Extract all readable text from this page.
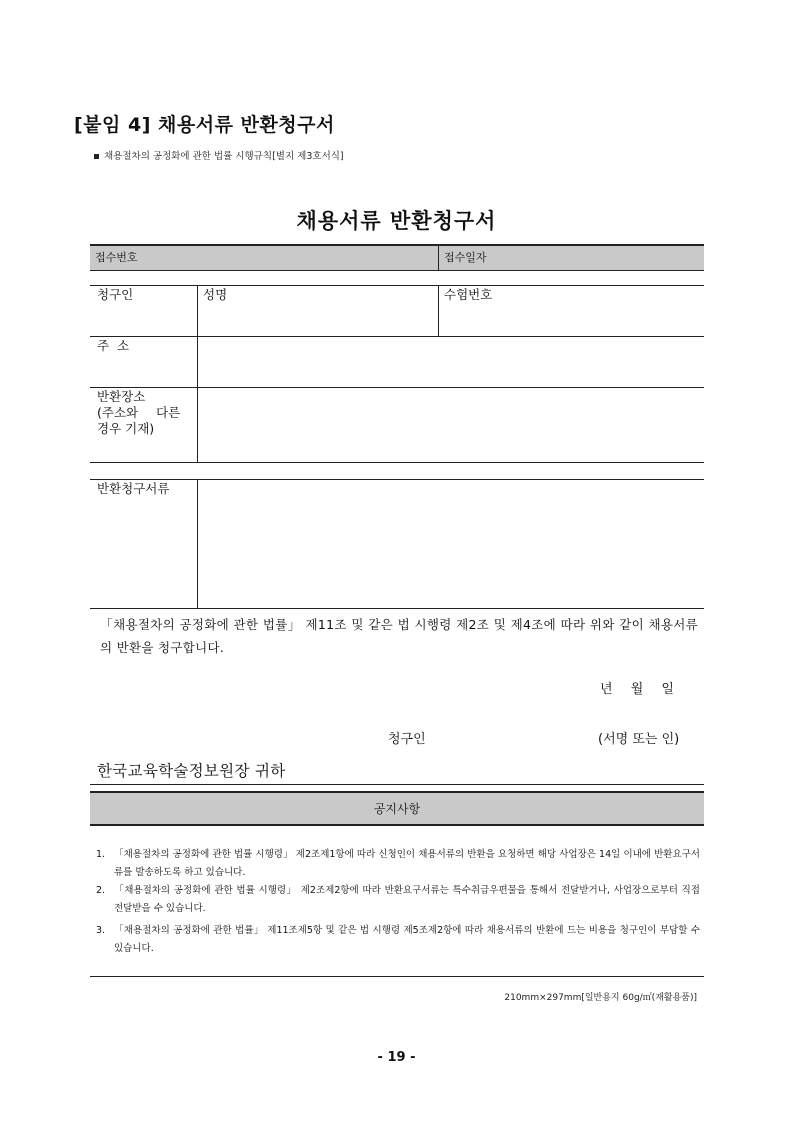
[붙임 4] 채용서류 반환청구서
채용절차의 공정화에 관한 법률 시행규칙[별지 제3호서식]
채용서류 반환청구서
접수번호	접수일자
청구인	성명	수험번호
주 소
반환장소
(주소와 다른
경우 기재)
반환청구서류
「채용절차의 공정화에 관한 법률」 제11조 및 같은 법 시행령 제2조 및 제4조에 따라 위와 같이 채용서류의 반환을 청구합니다.
년 월 일
청구인	(서명 또는 인)
한국교육학술정보원장 귀하
공지사항
1. 「채용절차의 공정화에 관한 법률 시행령」 제2조제1항에 따라 신청인이 채용서류의 반환을 요청하면 해당 사업장은 14일 이내에 반환요구서류를 발송하도록 하고 있습니다.
2. 「채용절차의 공정화에 관한 법률 시행령」 제2조제2항에 따라 반환요구서류는 특수취급우편물을 통해서 전달받거나, 사업장으로부터 직접 전달받을 수 있습니다.
3. 「채용절차의 공정화에 관한 법률」 제11조제5항 및 같은 법 시행령 제5조제2항에 따라 채용서류의 반환에 드는 비용을 청구인이 부담할 수 있습니다.
210mm×297mm[일반용지 60g/㎡(재활용품)]
- 19 -
